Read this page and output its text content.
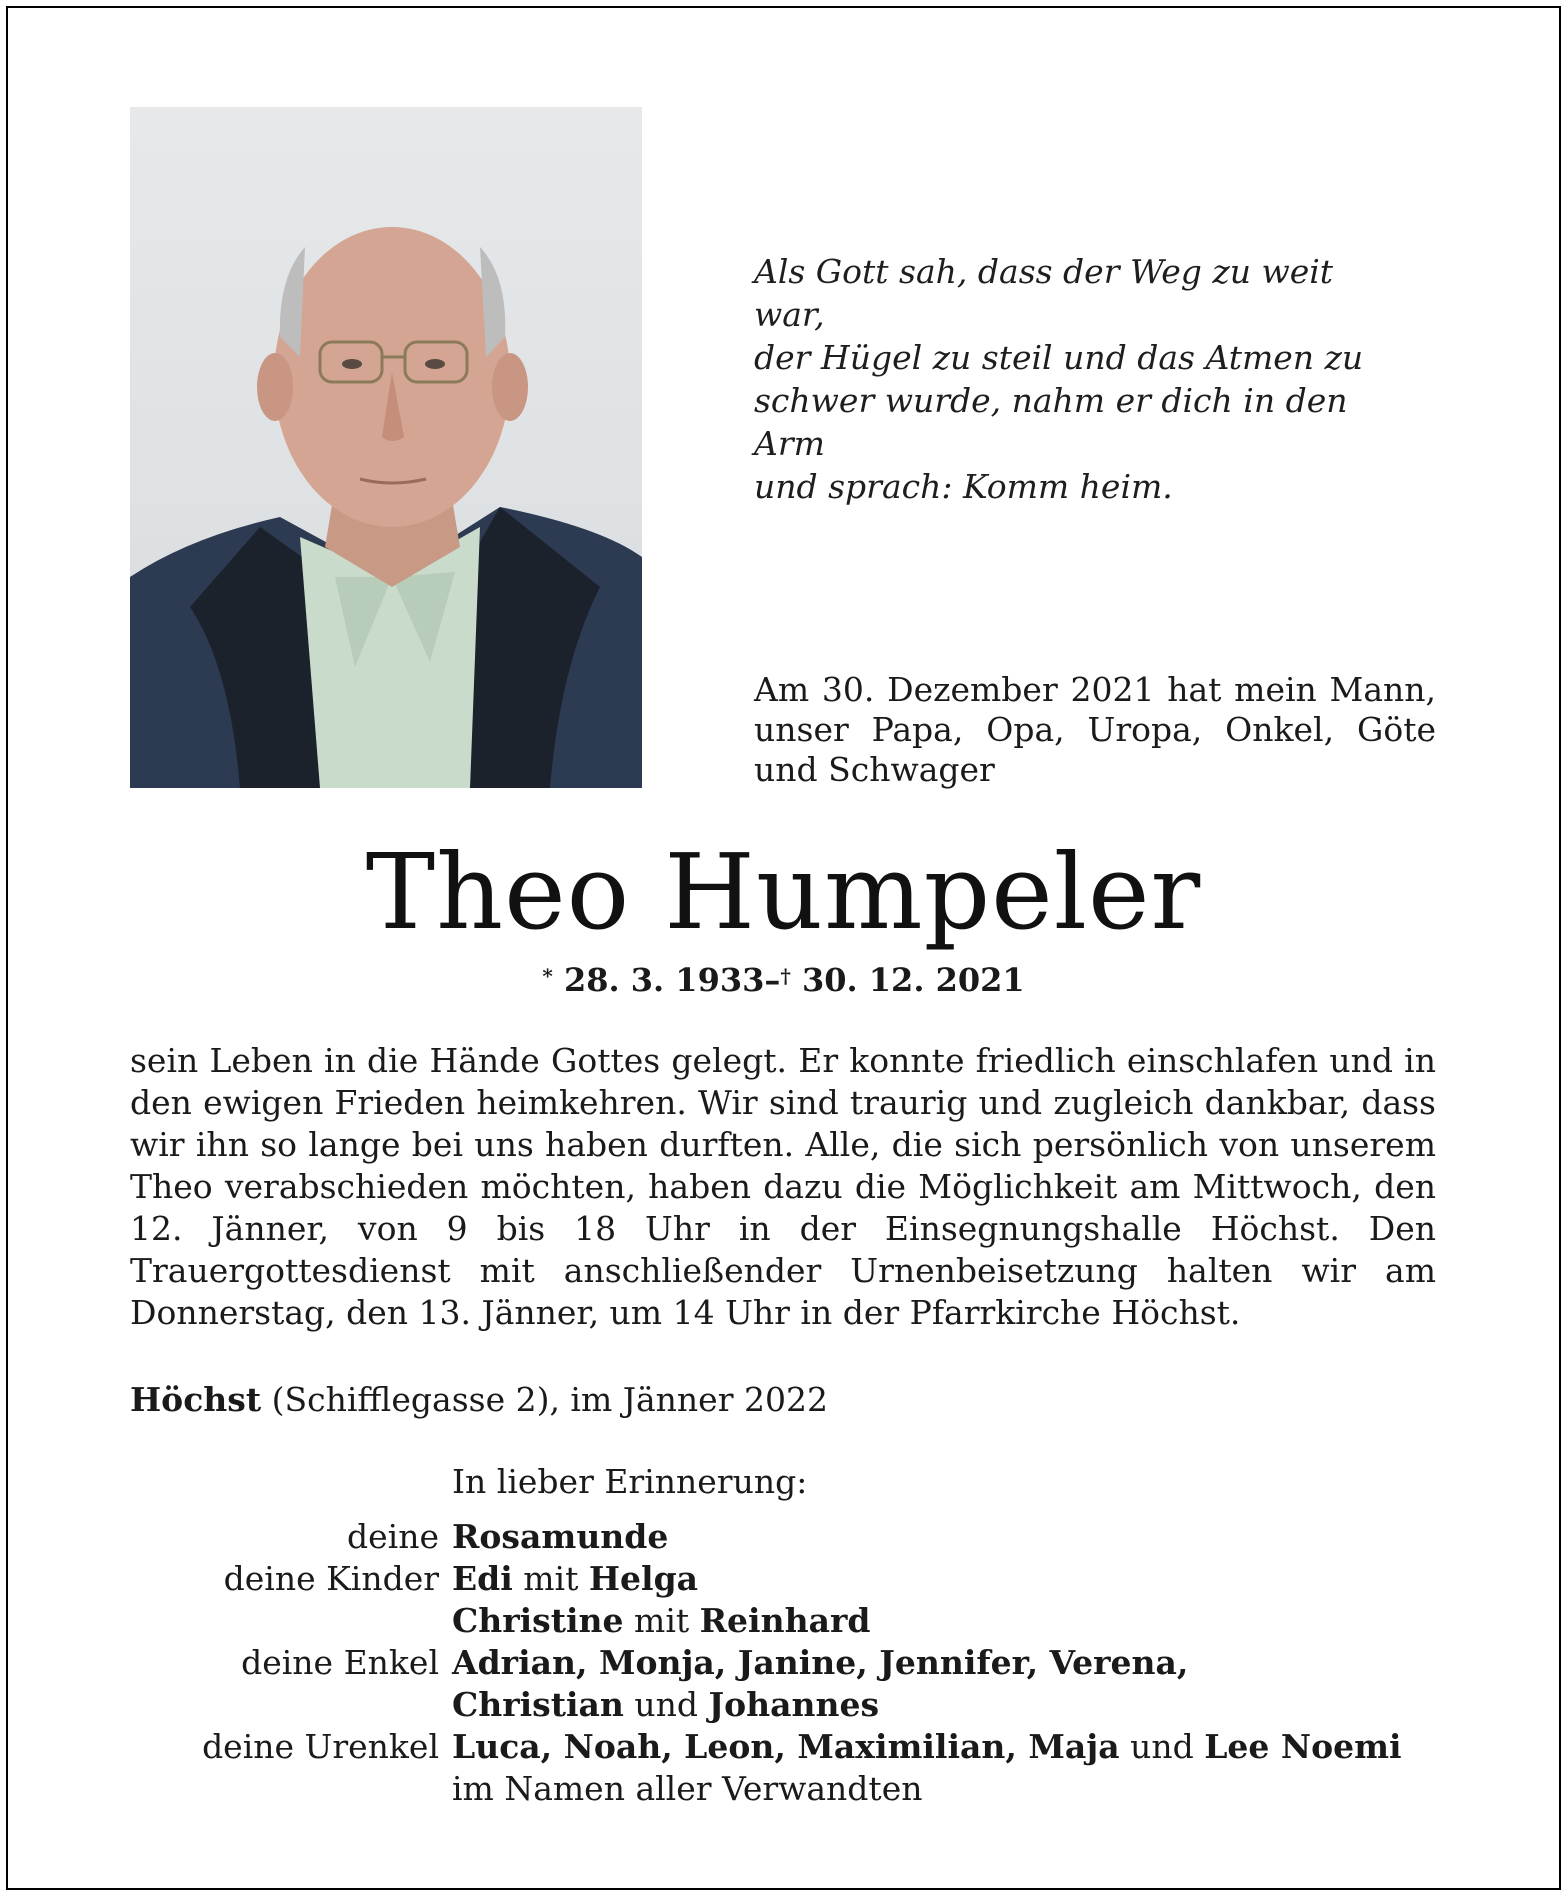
Als Gott sah, dass der Weg zu weit war,
der Hügel zu steil und das Atmen zu
schwer wurde, nahm er dich in den Arm
und sprach: Komm heim.
Am 30. Dezember 2021 hat mein Mann, unser Papa, Opa, Uropa, Onkel, Göte und Schwager
Theo Humpeler
* 28. 3. 1933–† 30. 12. 2021
sein Leben in die Hände Gottes gelegt. Er konnte friedlich einschlafen und in den ewigen Frieden heimkehren. Wir sind traurig und zugleich dankbar, dass wir ihn so lange bei uns haben durften. Alle, die sich persönlich von unserem Theo verabschieden möchten, haben dazu die Möglichkeit am Mittwoch, den 12. Jänner, von 9 bis 18 Uhr in der Einsegnungshalle Höchst. Den Trauergottesdienst mit anschließender Urnenbeisetzung halten wir am Donnerstag, den 13. Jänner, um 14 Uhr in der Pfarrkirche Höchst.
Höchst (Schifflegasse 2), im Jänner 2022
In lieber Erinnerung:
deine Rosamunde
deine Kinder Edi mit Helga
Christine mit Reinhard
deine Enkel Adrian, Monja, Janine, Jennifer, Verena,
Christian und Johannes
deine Urenkel Luca, Noah, Leon, Maximilian, Maja und Lee Noemi
im Namen aller Verwandten
